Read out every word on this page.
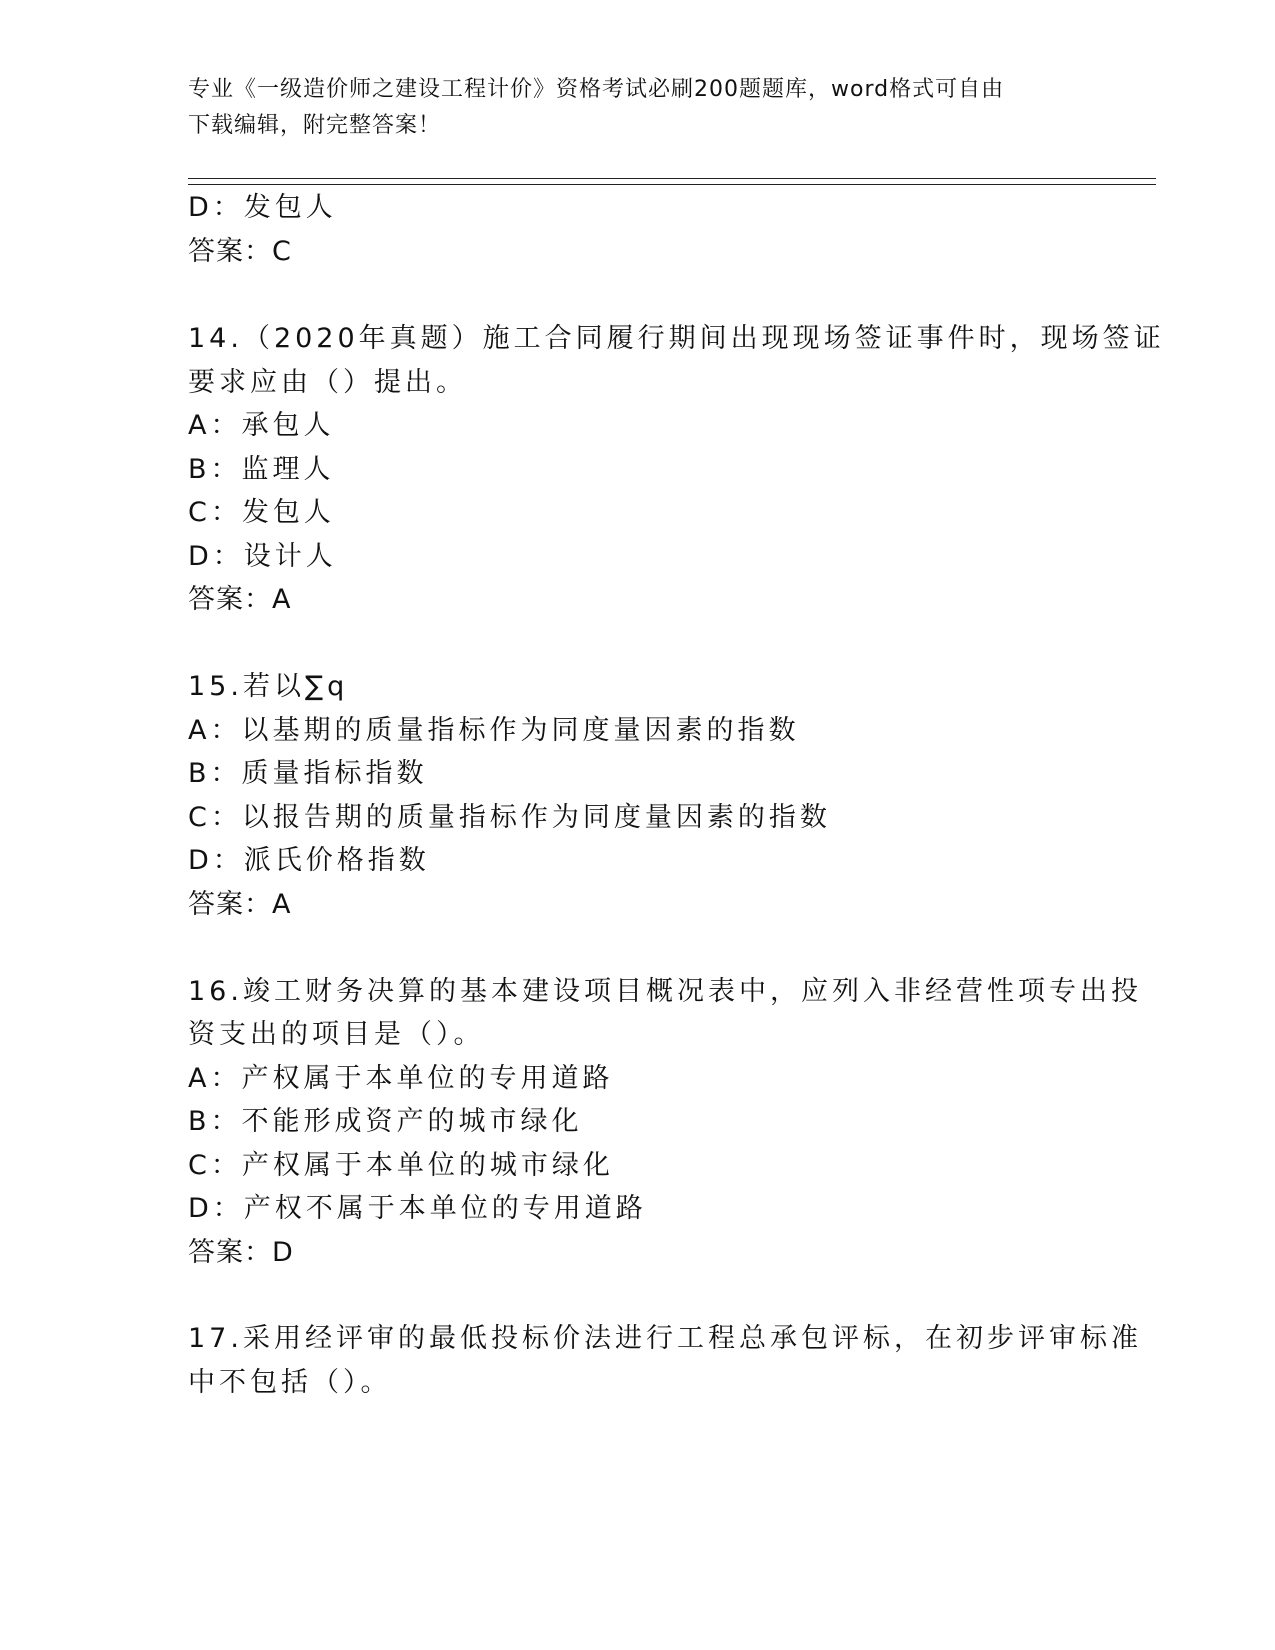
专业《一级造价师之建设工程计价》资格考试必刷200题题库，word格式可自由
下载编辑，附完整答案！
D：发包人
答案：C
14.（2020年真题）施工合同履行期间出现现场签证事件时，现场签证
要求应由（）提出。
A：承包人
B：监理人
C：发包人
D：设计人
答案：A
15.若以∑q
A：以基期的质量指标作为同度量因素的指数
B：质量指标指数
C：以报告期的质量指标作为同度量因素的指数
D：派氏价格指数
答案：A
16.竣工财务决算的基本建设项目概况表中，应列入非经营性项专出投
资支出的项目是（）。
A：产权属于本单位的专用道路
B：不能形成资产的城市绿化
C：产权属于本单位的城市绿化
D：产权不属于本单位的专用道路
答案：D
17.采用经评审的最低投标价法进行工程总承包评标，在初步评审标准
中不包括（）。
